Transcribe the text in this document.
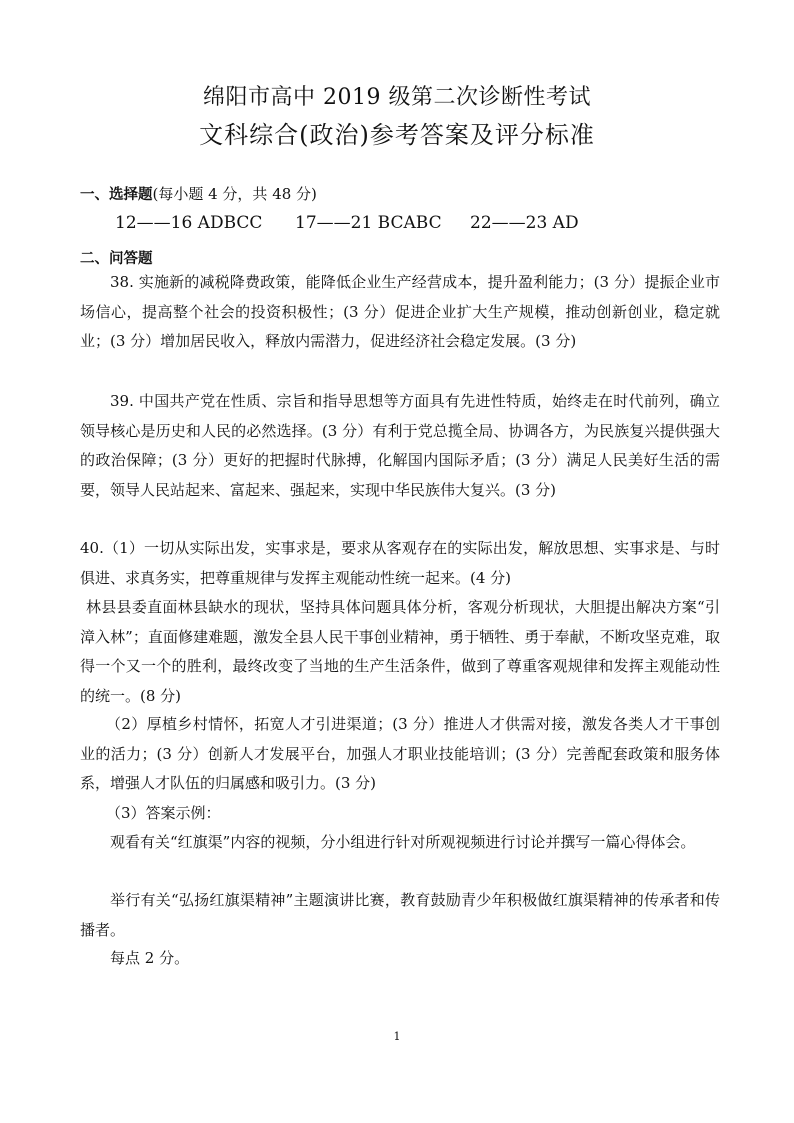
绵阳市高中 2019 级第二次诊断性考试
文科综合(政治)参考答案及评分标准
一、选择题(每小题 4 分，共 48 分)
12——16 ADBCC 17——21 BCABC 22——23 AD
二、问答题
38. 实施新的减税降费政策，能降低企业生产经营成本，提升盈利能力；(3 分）提振企业市场信心，提高整个社会的投资积极性；(3 分）促进企业扩大生产规模，推动创新创业，稳定就业；(3 分）增加居民收入，释放内需潜力，促进经济社会稳定发展。(3 分)
39. 中国共产党在性质、宗旨和指导思想等方面具有先进性特质，始终走在时代前列，确立领导核心是历史和人民的必然选择。(3 分）有利于党总揽全局、协调各方，为民族复兴提供强大的政治保障；(3 分）更好的把握时代脉搏，化解国内国际矛盾；(3 分）满足人民美好生活的需要，领导人民站起来、富起来、强起来，实现中华民族伟大复兴。(3 分)
40.（1）一切从实际出发，实事求是，要求从客观存在的实际出发，解放思想、实事求是、与时俱进、求真务实，把尊重规律与发挥主观能动性统一起来。(4 分)
林县县委直面林县缺水的现状，坚持具体问题具体分析，客观分析现状，大胆提出解决方案“引漳入林”；直面修建难题，激发全县人民干事创业精神，勇于牺牲、勇于奉献，不断攻坚克难，取得一个又一个的胜利，最终改变了当地的生产生活条件，做到了尊重客观规律和发挥主观能动性的统一。(8 分)
（2）厚植乡村情怀，拓宽人才引进渠道；(3 分）推进人才供需对接，激发各类人才干事创业的活力；(3 分）创新人才发展平台，加强人才职业技能培训；(3 分）完善配套政策和服务体系，增强人才队伍的归属感和吸引力。(3 分)
（3）答案示例：
观看有关“红旗渠”内容的视频，分小组进行针对所观视频进行讨论并撰写一篇心得体会。
举行有关“弘扬红旗渠精神”主题演讲比赛，教育鼓励青少年积极做红旗渠精神的传承者和传播者。
每点 2 分。
1
